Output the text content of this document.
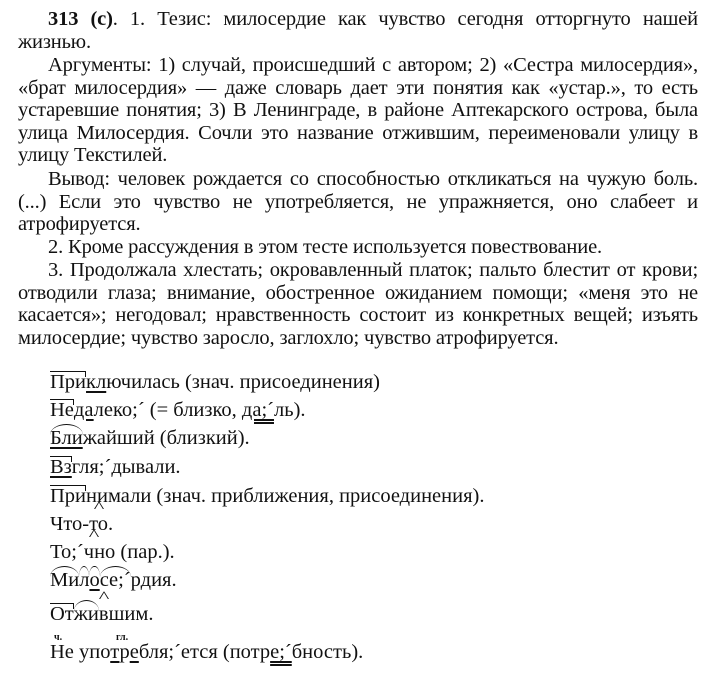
313 (с). 1. Тезис: милосердие как чувство сегодня отторгнуто нашей жизнью.
Аргументы: 1) случай, происшедший с автором; 2) «Сестра милосердия», «брат милосердия» — даже словарь дает эти понятия как «устар.», то есть устаревшие понятия; 3) В Ленинграде, в районе Аптекарского острова, была улица Милосердия. Сочли это название отжившим, переименовали улицу в улицу Текстилей.
Вывод: человек рождается со способностью откликаться на чужую боль. (...) Если это чувство не употребляется, не упражняется, оно слабеет и атрофируется.
2. Кроме рассуждения в этом тесте используется повествование.
3. Продолжала хлестать; окровавленный платок; пальто блестит от крови; отводили глаза; внимание, обостренное ожиданием помощи; «меня это не касается»; негодовал; нравственность состоит из конкретных вещей; изъять милосердие; чувство заросло, заглохло; чувство атрофируется.
Приключилась (знач. присоединения)
Недалеко;´ (= близко, да;´ль).
Ближайший (близкий).
Взгля;´дывали.
Принимали (знач. приближения, присоединения).
Что-^ то.
То;´^ чно (пар.).
Милосе;´рдия.
Отжи^ вшим.
ч.	гл.
Не употребля;´ется (потре;´бность).
